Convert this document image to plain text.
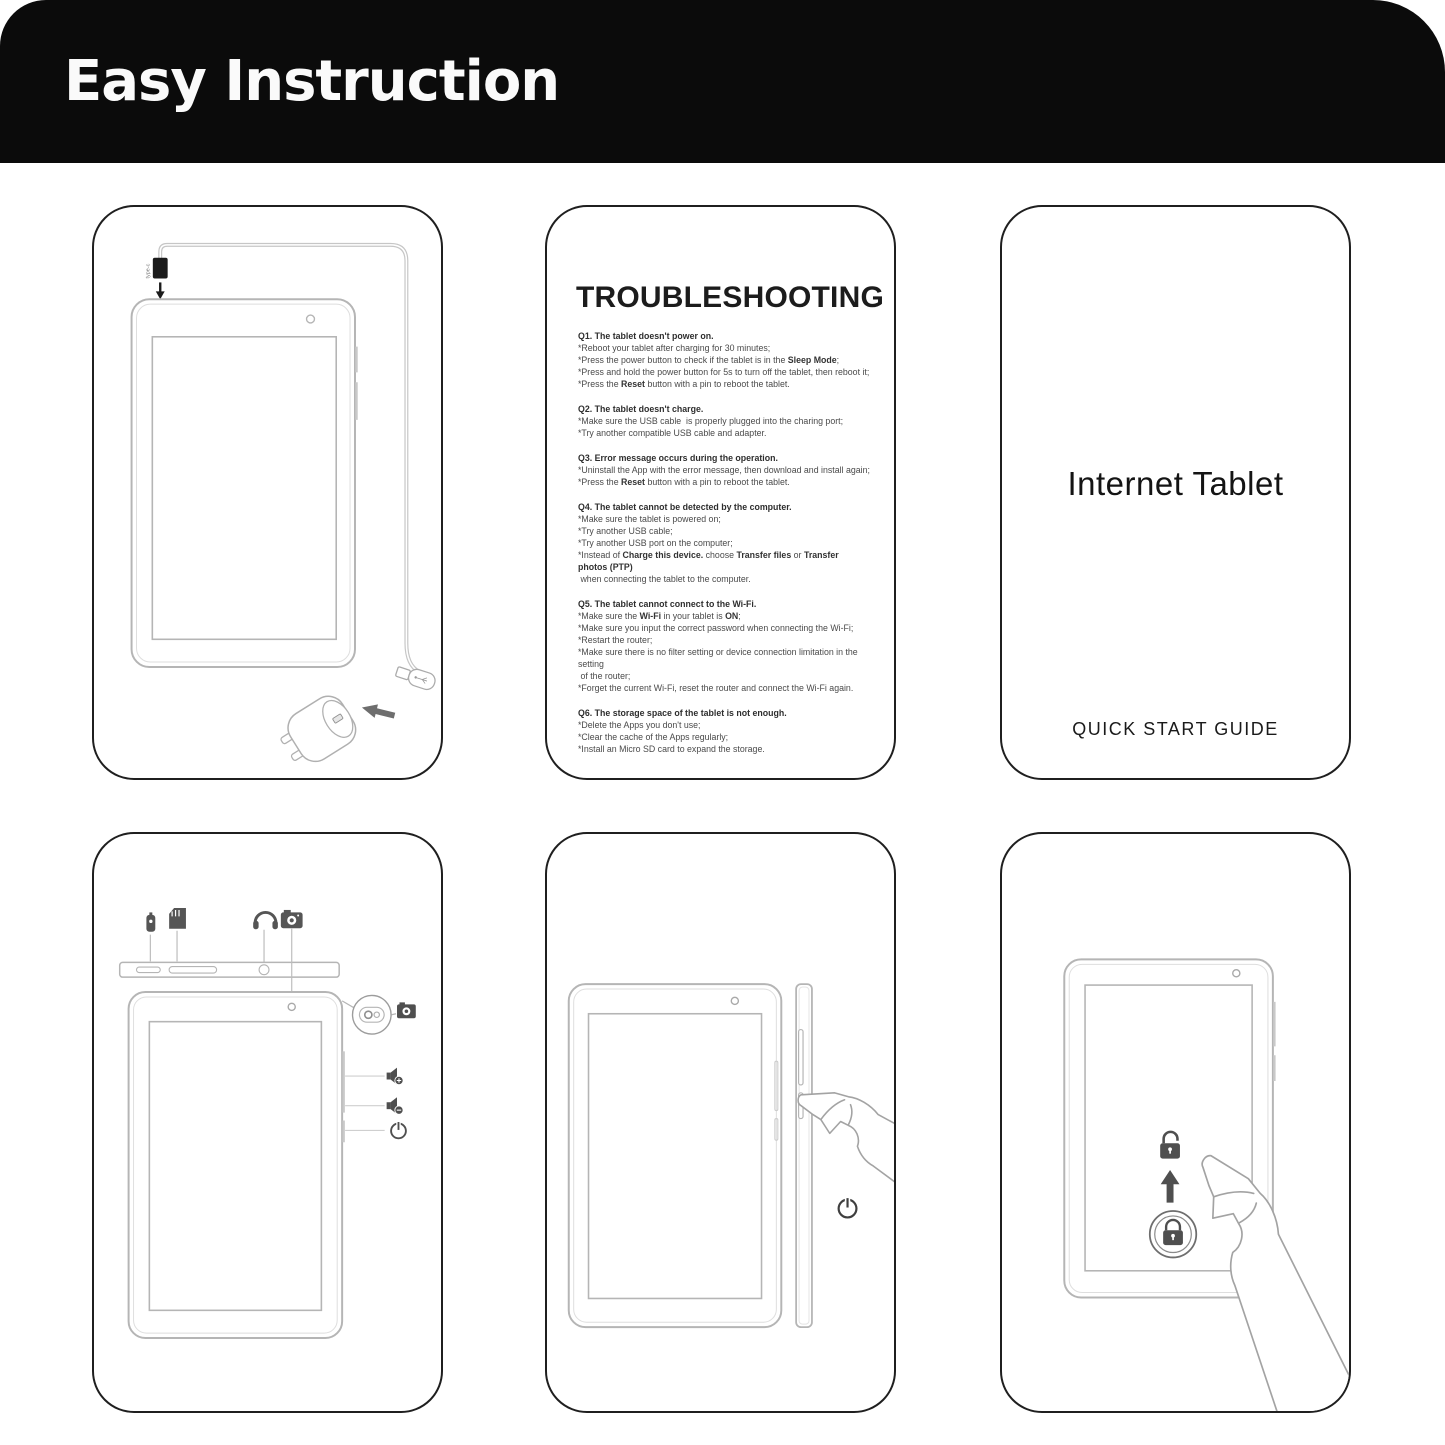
Easy Instruction
type-c
TROUBLESHOOTING
Q1. The tablet doesn't power on.
*Reboot your tablet after charging for 30 minutes;
*Press the power button to check if the tablet is in the Sleep Mode;
*Press and hold the power button for 5s to turn off the tablet, then reboot it;
*Press the Reset button with a pin to reboot the tablet.
Q2. The tablet doesn't charge.
*Make sure the USB cable  is properly plugged into the charing port;
*Try another compatible USB cable and adapter.
Q3. Error message occurs during the operation.
*Uninstall the App with the error message, then download and install again;
*Press the Reset button with a pin to reboot the tablet.
Q4. The tablet cannot be detected by the computer.
*Make sure the tablet is powered on;
*Try another USB cable;
*Try another USB port on the computer;
*Instead of Charge this device. choose Transfer files or Transfer photos (PTP)
when connecting the tablet to the computer.
Q5. The tablet cannot connect to the Wi-Fi.
*Make sure the Wi-Fi in your tablet is ON;
*Make sure you input the correct password when connecting the Wi-Fi;
*Restart the router;
*Make sure there is no filter setting or device connection limitation in the setting
of the router;
*Forget the current Wi-Fi, reset the router and connect the Wi-Fi again.
Q6. The storage space of the tablet is not enough.
*Delete the Apps you don't use;
*Clear the cache of the Apps regularly;
*Install an Micro SD card to expand the storage.
Internet Tablet
QUICK START GUIDE
